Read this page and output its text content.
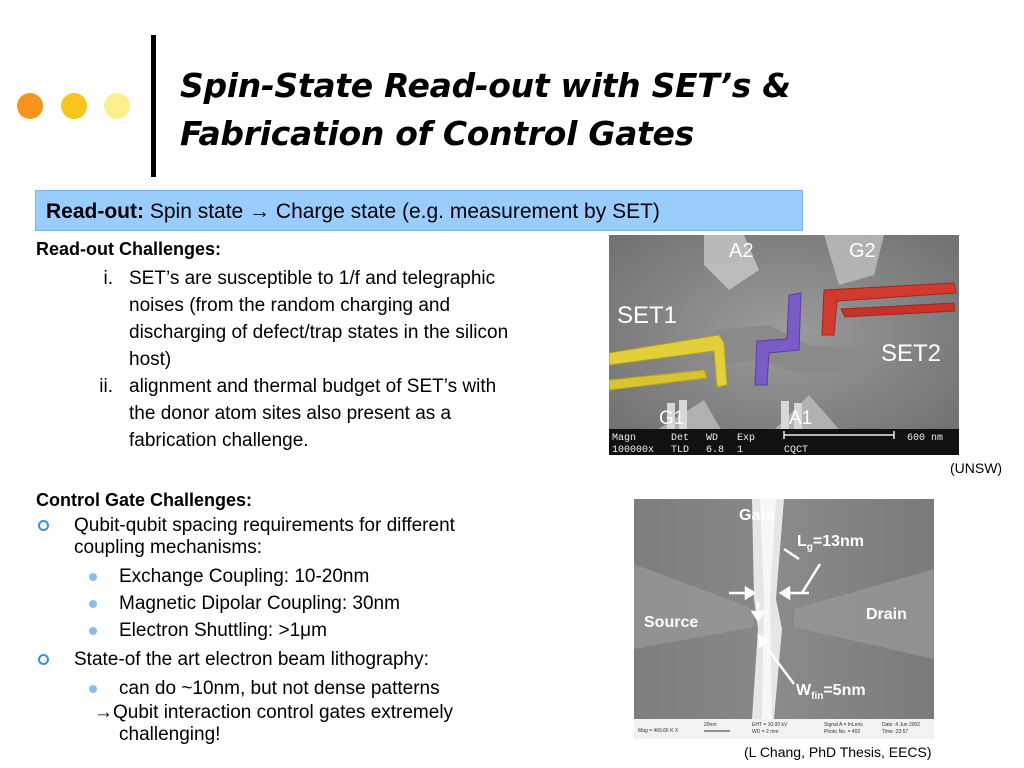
Spin-State Read-out with SET’s &
Fabrication of Control Gates
Read-out: Spin state → Charge state (e.g. measurement by SET)
Read-out Challenges:
i. SET’s are susceptible to 1/f and telegraphic
noises (from the random charging and
discharging of defect/trap states in the silicon
host)
ii. alignment and thermal budget of SET’s with
the donor atom sites also present as a
fabrication challenge.
Control Gate Challenges:
Qubit-qubit spacing requirements for different
coupling mechanisms:
Exchange Coupling: 10-20nm
Magnetic Dipolar Coupling: 30nm
Electron Shuttling: >1μm
State-of the art electron beam lithography:
can do ~10nm, but not dense patterns
→Qubit interaction control gates extremely
challenging!
A2	G2
SET1
SET2
G1	A1
Magn	Det WD Exp
100000x TLD 6.8 1	CQCT
600 nm
(UNSW)
Gate
$L_g=13nm$
Source	Drain
$W_{fin}=5nm$
Mag = 469.66 K X
20nm	EHT = 10.00 kV
WD = 2 mm
Signal A = InLens
Photo No. = 492
Date :4 Jun 2002
Time :23:57
(L Chang, PhD Thesis, EECS)
